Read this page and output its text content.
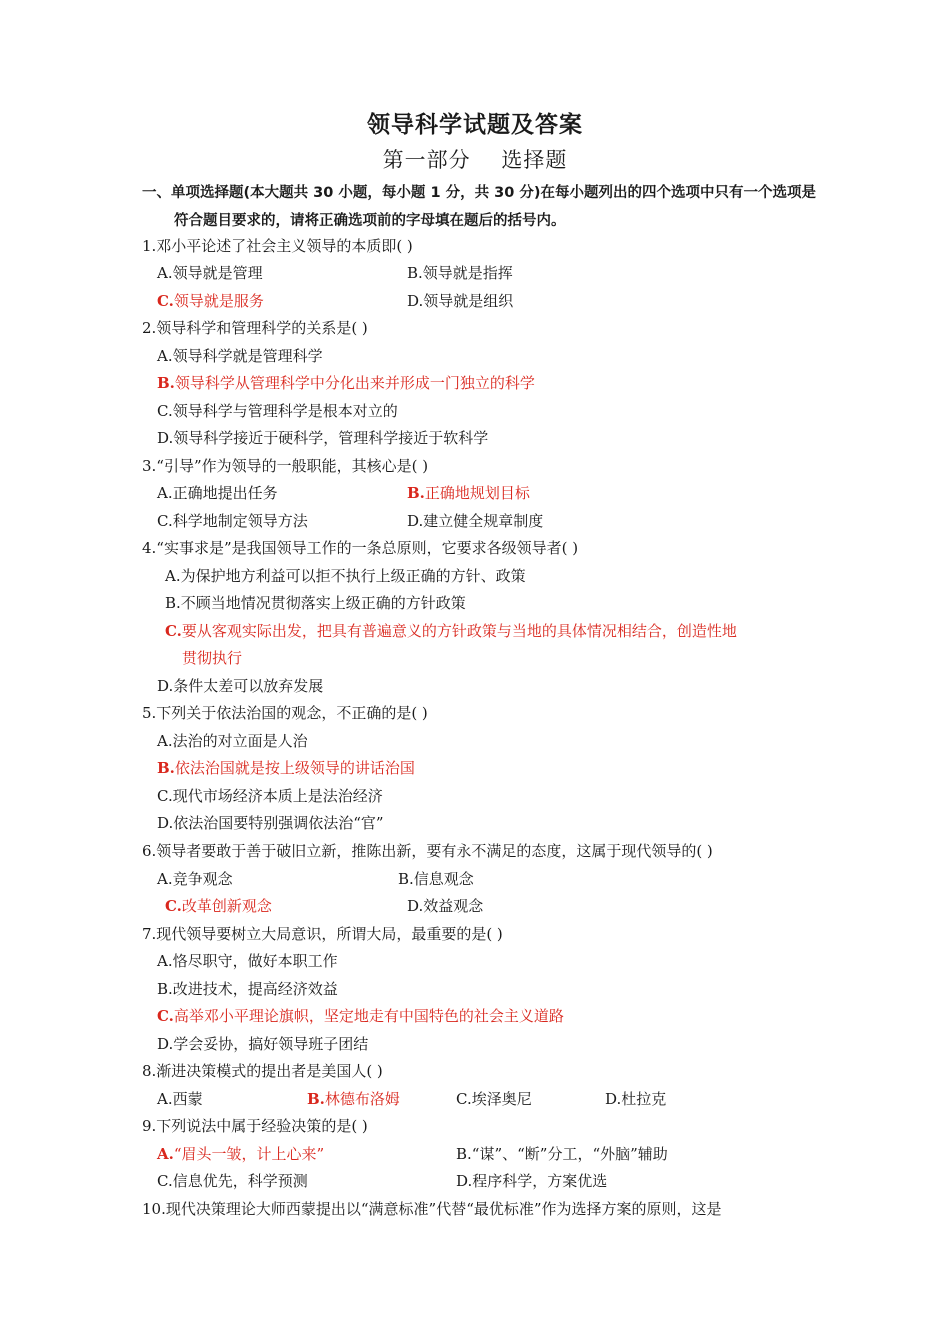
领导科学试题及答案
第一部分    选择题
一、单项选择题(本大题共 30 小题，每小题 1 分，共 30 分)在每小题列出的四个选项中只有一个选项是符合题目要求的，请将正确选项前的字母填在题后的括号内。
1.邓小平论述了社会主义领导的本质即( )
A.领导就是管理	B.领导就是指挥
C.领导就是服务	D.领导就是组织
2.领导科学和管理科学的关系是( )
A.领导科学就是管理科学
B.领导科学从管理科学中分化出来并形成一门独立的科学
C.领导科学与管理科学是根本对立的
D.领导科学接近于硬科学，管理科学接近于软科学
3.“引导”作为领导的一般职能，其核心是( )
A.正确地提出任务	B.正确地规划目标
C.科学地制定领导方法	D.建立健全规章制度
4.“实事求是”是我国领导工作的一条总原则，它要求各级领导者( )
A.为保护地方利益可以拒不执行上级正确的方针、政策
B.不顾当地情况贯彻落实上级正确的方针政策
C.要从客观实际出发，把具有普遍意义的方针政策与当地的具体情况相结合，创造性地
贯彻执行
D.条件太差可以放弃发展
5.下列关于依法治国的观念，不正确的是( )
A.法治的对立面是人治
B.依法治国就是按上级领导的讲话治国
C.现代市场经济本质上是法治经济
D.依法治国要特别强调依法治“官”
6.领导者要敢于善于破旧立新，推陈出新，要有永不满足的态度，这属于现代领导的( )
A.竞争观念	B.信息观念
C.改革创新观念	D.效益观念
7.现代领导要树立大局意识，所谓大局，最重要的是( )
A.恪尽职守，做好本职工作
B.改进技术，提高经济效益
C.高举邓小平理论旗帜，坚定地走有中国特色的社会主义道路
D.学会妥协，搞好领导班子团结
8.渐进决策模式的提出者是美国人( )
A.西蒙	B.林德布洛姆	C.埃泽奥尼	D.杜拉克
9.下列说法中属于经验决策的是( )
A.“眉头一皱，计上心来”	B.“谋”、“断”分工，“外脑”辅助
C.信息优先，科学预测	D.程序科学，方案优选
10.现代决策理论大师西蒙提出以“满意标准”代替“最优标准”作为选择方案的原则，这是
